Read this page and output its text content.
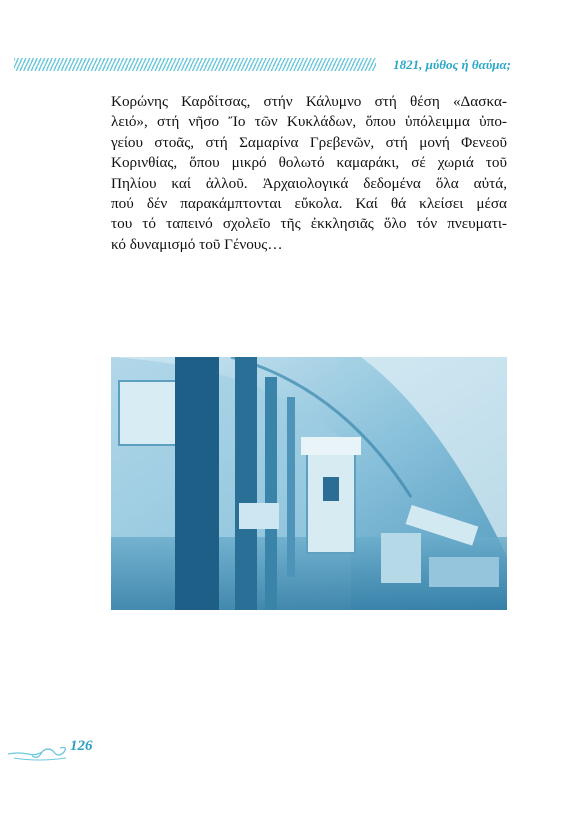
1821, μύθος ή θαύμα;
Κορώνης Καρδίτσας, στήν Κάλυμνο στή θέση «Δασκα-
λειό», στή νῆσο Ἴο τῶν Κυκλάδων, ὅπου ὑπόλειμμα ὑπο-
γείου στοᾶς, στή Σαμαρίνα Γρεβενῶν, στή μονή Φενεοῦ
Κορινθίας, ὅπου μικρό θολωτό καμαράκι, σέ χωριά τοῦ
Πηλίου καί ἀλλοῦ. Ἀρχαιολογικά δεδομένα ὅλα αὐτά,
πού δέν παρακάμπτονται εὔκολα. Καί θά κλείσει μέσα
του τό ταπεινό σχολεῖο τῆς ἐκκλησιᾶς ὅλο τόν πνευματι-
κό δυναμισμό τοῦ Γένους…
126
